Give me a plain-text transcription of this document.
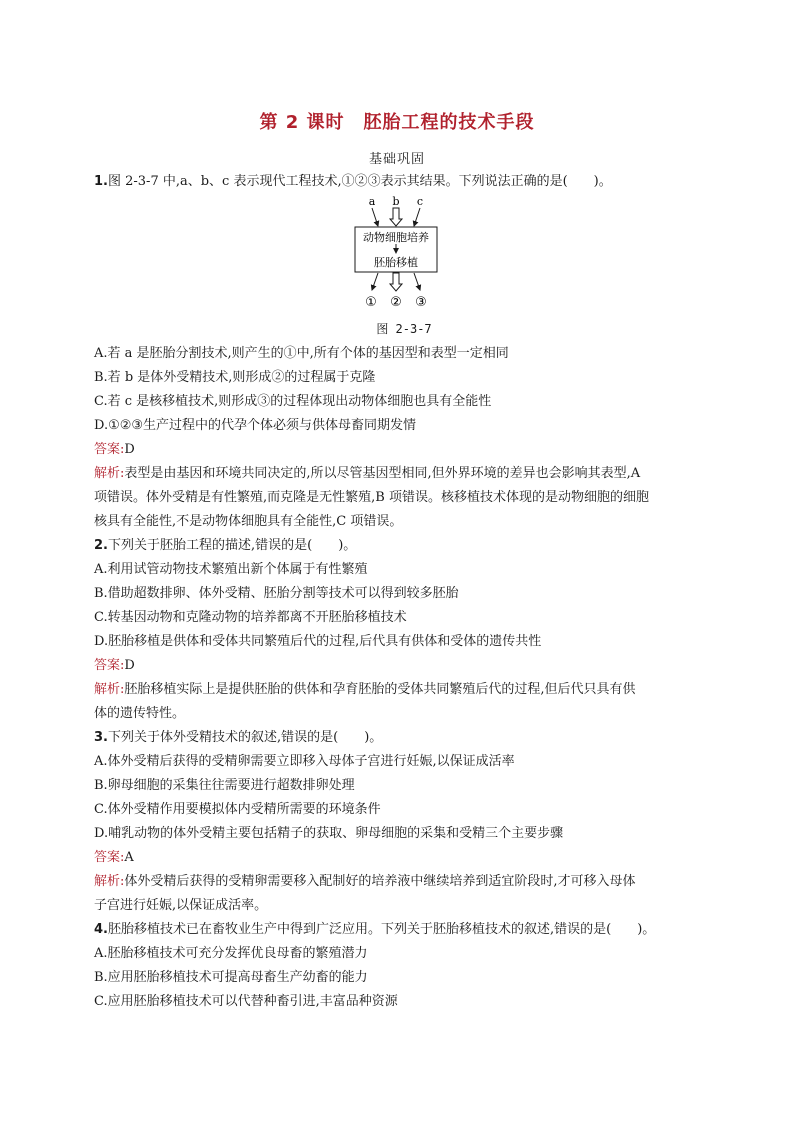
第 2 课时　胚胎工程的技术手段
基础巩固
1.图 2-3-7 中,a、b、c 表示现代工程技术,①②③表示其结果。下列说法正确的是(　　)。
a b c
动物细胞培养
胚胎移植
① ② ③
图 2-3-7
A.若 a 是胚胎分割技术,则产生的①中,所有个体的基因型和表型一定相同
B.若 b 是体外受精技术,则形成②的过程属于克隆
C.若 c 是核移植技术,则形成③的过程体现出动物体细胞也具有全能性
D.①②③生产过程中的代孕个体必须与供体母畜同期发情
答案:D
解析:表型是由基因和环境共同决定的,所以尽管基因型相同,但外界环境的差异也会影响其表型,A
项错误。体外受精是有性繁殖,而克隆是无性繁殖,B 项错误。核移植技术体现的是动物细胞的细胞
核具有全能性,不是动物体细胞具有全能性,C 项错误。
2.下列关于胚胎工程的描述,错误的是(　　)。
A.利用试管动物技术繁殖出新个体属于有性繁殖
B.借助超数排卵、体外受精、胚胎分割等技术可以得到较多胚胎
C.转基因动物和克隆动物的培养都离不开胚胎移植技术
D.胚胎移植是供体和受体共同繁殖后代的过程,后代具有供体和受体的遗传共性
答案:D
解析:胚胎移植实际上是提供胚胎的供体和孕育胚胎的受体共同繁殖后代的过程,但后代只具有供
体的遗传特性。
3.下列关于体外受精技术的叙述,错误的是(　　)。
A.体外受精后获得的受精卵需要立即移入母体子宫进行妊娠,以保证成活率
B.卵母细胞的采集往往需要进行超数排卵处理
C.体外受精作用要模拟体内受精所需要的环境条件
D.哺乳动物的体外受精主要包括精子的获取、卵母细胞的采集和受精三个主要步骤
答案:A
解析:体外受精后获得的受精卵需要移入配制好的培养液中继续培养到适宜阶段时,才可移入母体
子宫进行妊娠,以保证成活率。
4.胚胎移植技术已在畜牧业生产中得到广泛应用。下列关于胚胎移植技术的叙述,错误的是(　　)。
A.胚胎移植技术可充分发挥优良母畜的繁殖潜力
B.应用胚胎移植技术可提高母畜生产幼畜的能力
C.应用胚胎移植技术可以代替种畜引进,丰富品种资源
